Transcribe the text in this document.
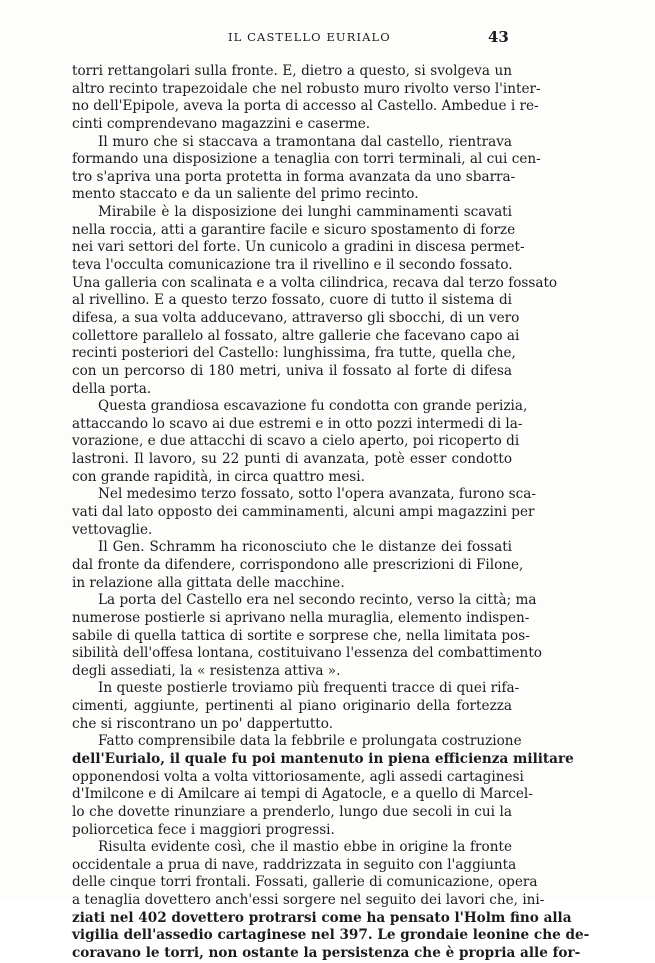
IL CASTELLO EURIALO	43
torri rettangolari sulla fronte. E, dietro a questo, si svolgeva un
altro recinto trapezoidale che nel robusto muro rivolto verso l'inter-
no dell'Epipole, aveva la porta di accesso al Castello. Ambedue i re-
cinti comprendevano magazzini e caserme.
Il muro che si staccava a tramontana dal castello, rientrava
formando una disposizione a tenaglia con torri terminali, al cui cen-
tro s'apriva una porta protetta in forma avanzata da uno sbarra-
mento staccato e da un saliente del primo recinto.
Mirabile è la disposizione dei lunghi camminamenti scavati
nella roccia, atti a garantire facile e sicuro spostamento di forze
nei vari settori del forte. Un cunicolo a gradini in discesa permet-
teva l'occulta comunicazione tra il rivellino e il secondo fossato.
Una galleria con scalinata e a volta cilindrica, recava dal terzo fossato
al rivellino. E a questo terzo fossato, cuore di tutto il sistema di
difesa, a sua volta adducevano, attraverso gli sbocchi, di un vero
collettore parallelo al fossato, altre gallerie che facevano capo ai
recinti posteriori del Castello: lunghissima, fra tutte, quella che,
con un percorso di 180 metri, univa il fossato al forte di difesa
della porta.
Questa grandiosa escavazione fu condotta con grande perizia,
attaccando lo scavo ai due estremi e in otto pozzi intermedi di la-
vorazione, e due attacchi di scavo a cielo aperto, poi ricoperto di
lastroni. Il lavoro, su 22 punti di avanzata, potè esser condotto
con grande rapidità, in circa quattro mesi.
Nel medesimo terzo fossato, sotto l'opera avanzata, furono sca-
vati dal lato opposto dei camminamenti, alcuni ampi magazzini per
vettovaglie.
Il Gen. Schramm ha riconosciuto che le distanze dei fossati
dal fronte da difendere, corrispondono alle prescrizioni di Filone,
in relazione alla gittata delle macchine.
La porta del Castello era nel secondo recinto, verso la città; ma
numerose postierle si aprivano nella muraglia, elemento indispen-
sabile di quella tattica di sortite e sorprese che, nella limitata pos-
sibilità dell'offesa lontana, costituivano l'essenza del combattimento
degli assediati, la « resistenza attiva ».
In queste postierle troviamo più frequenti tracce di quei rifa-
cimenti, aggiunte, pertinenti al piano originario della fortezza
che si riscontrano un po' dappertutto.
Fatto comprensibile data la febbrile e prolungata costruzione
dell'Eurialo, il quale fu poi mantenuto in piena efficienza militare
opponendosi volta a volta vittoriosamente, agli assedi cartaginesi
d'Imilcone e di Amilcare ai tempi di Agatocle, e a quello di Marcel-
lo che dovette rinunziare a prenderlo, lungo due secoli in cui la
poliorcetica fece i maggiori progressi.
Risulta evidente così, che il mastio ebbe in origine la fronte
occidentale a prua di nave, raddrizzata in seguito con l'aggiunta
delle cinque torri frontali. Fossati, gallerie di comunicazione, opera
a tenaglia dovettero anch'essi sorgere nel seguito dei lavori che, ini-
ziati nel 402 dovettero protrarsi come ha pensato l'Holm fino alla
vigilia dell'assedio cartaginese nel 397. Le grondaie leonine che de-
coravano le torri, non ostante la persistenza che è propria alle for-
